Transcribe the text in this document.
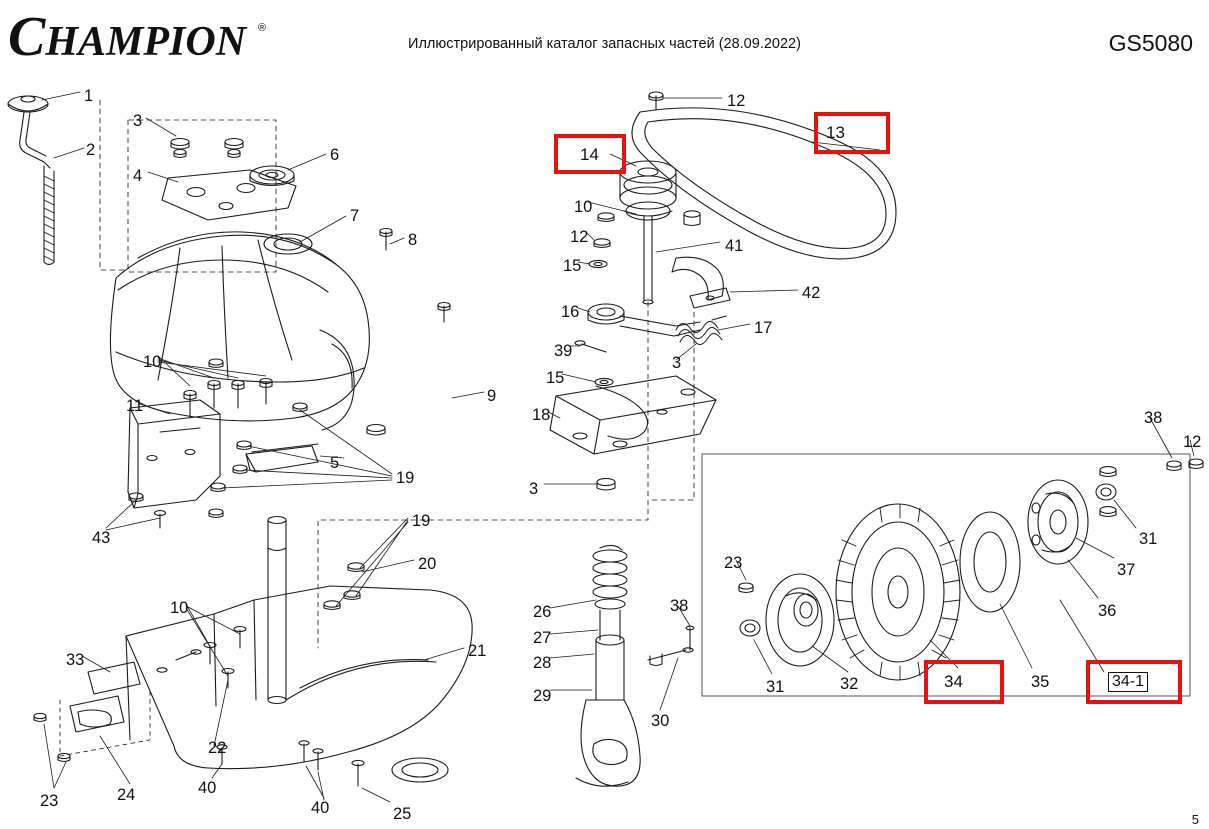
CHAMPION ®
Иллюстрированный каталог запасных частей (28.09.2022)	GS5080
1
3
2	6
4
7
8
10
9
11
5
19
43
19
20
10
21
33
22
23	24	40
40	25
12
10
12	41
15
42
16
17
39
3
15
18
3
26
27
28
29
38
30
23
31	32	35
36
37
31
38
12
14
13
34	34-1
5
